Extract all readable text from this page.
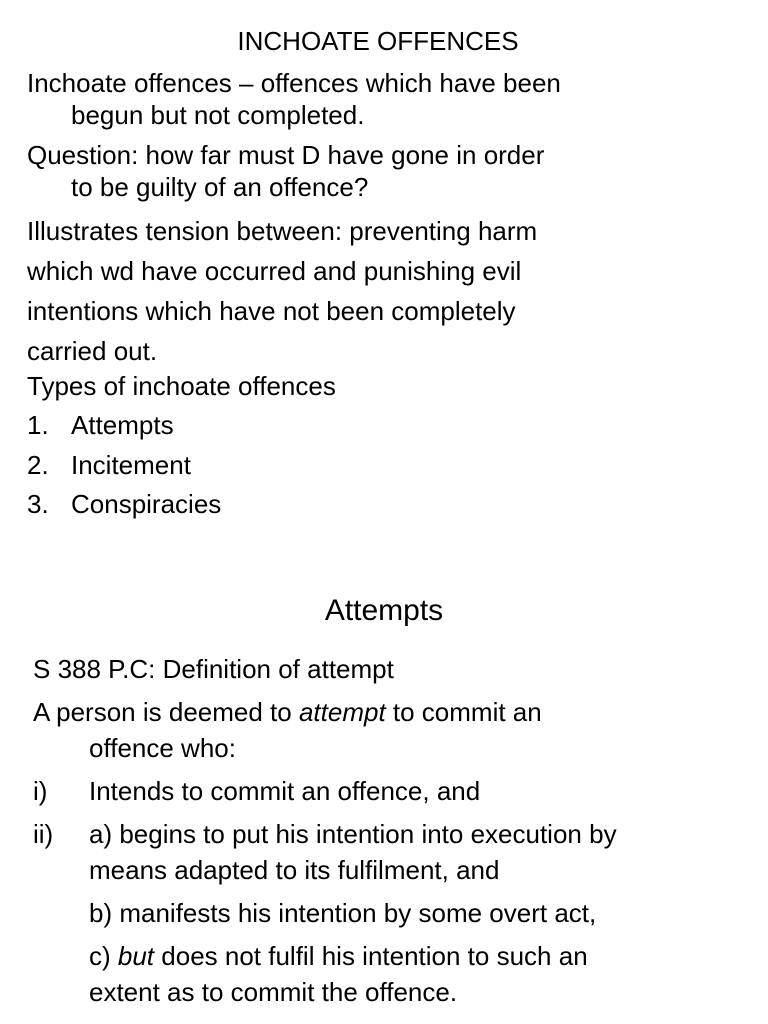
INCHOATE OFFENCES
Inchoate offences – offences which have been
begun but not completed.
Question: how far must D have gone in order
to be guilty of an offence?
Illustrates tension between: preventing harm
which wd have occurred and punishing evil
intentions which have not been completely
carried out.
Types of inchoate offences
1. Attempts
2. Incitement
3. Conspiracies
Attempts
S 388 P.C: Definition of attempt
A person is deemed to attempt to commit an
offence who:
i)	Intends to commit an offence, and
ii)	a) begins to put his intention into execution by
means adapted to its fulfilment, and
b) manifests his intention by some overt act,
c) but does not fulfil his intention to such an
extent as to commit the offence.
